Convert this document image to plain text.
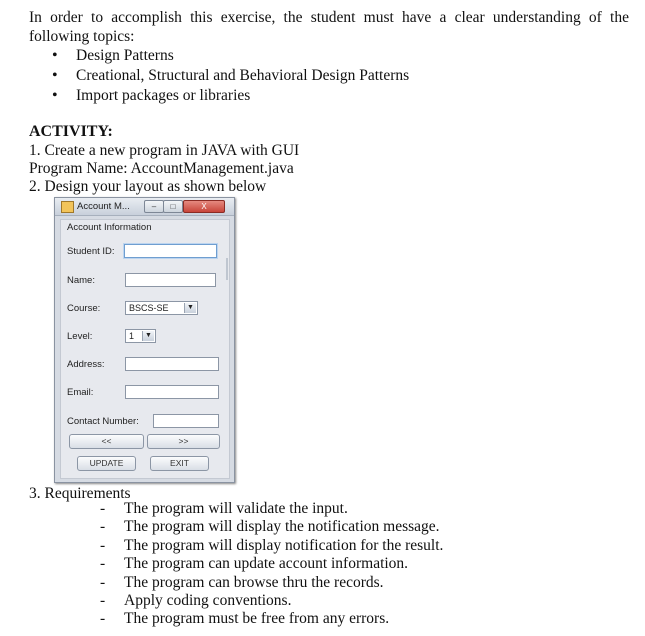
In order to accomplish this exercise, the student must have a clear understanding of the following topics:
• Design Patterns
• Creational, Structural and Behavioral Design Patterns
• Import packages or libraries
ACTIVITY:
1. Create a new program in JAVA with GUI
Program Name: AccountManagement.java
2. Design your layout as shown below
Account M...	–	□	X
Account Information
Student ID:
Name:
Course:	BSCS-SE	▼
Level:	1	▼
Address:
Email:
Contact Number:
<<	>>
UPDATE	EXIT
3. Requirements
- The program will validate the input.
- The program will display the notification message.
- The program will display notification for the result.
- The program can update account information.
- The program can browse thru the records.
- Apply coding conventions.
- The program must be free from any errors.
